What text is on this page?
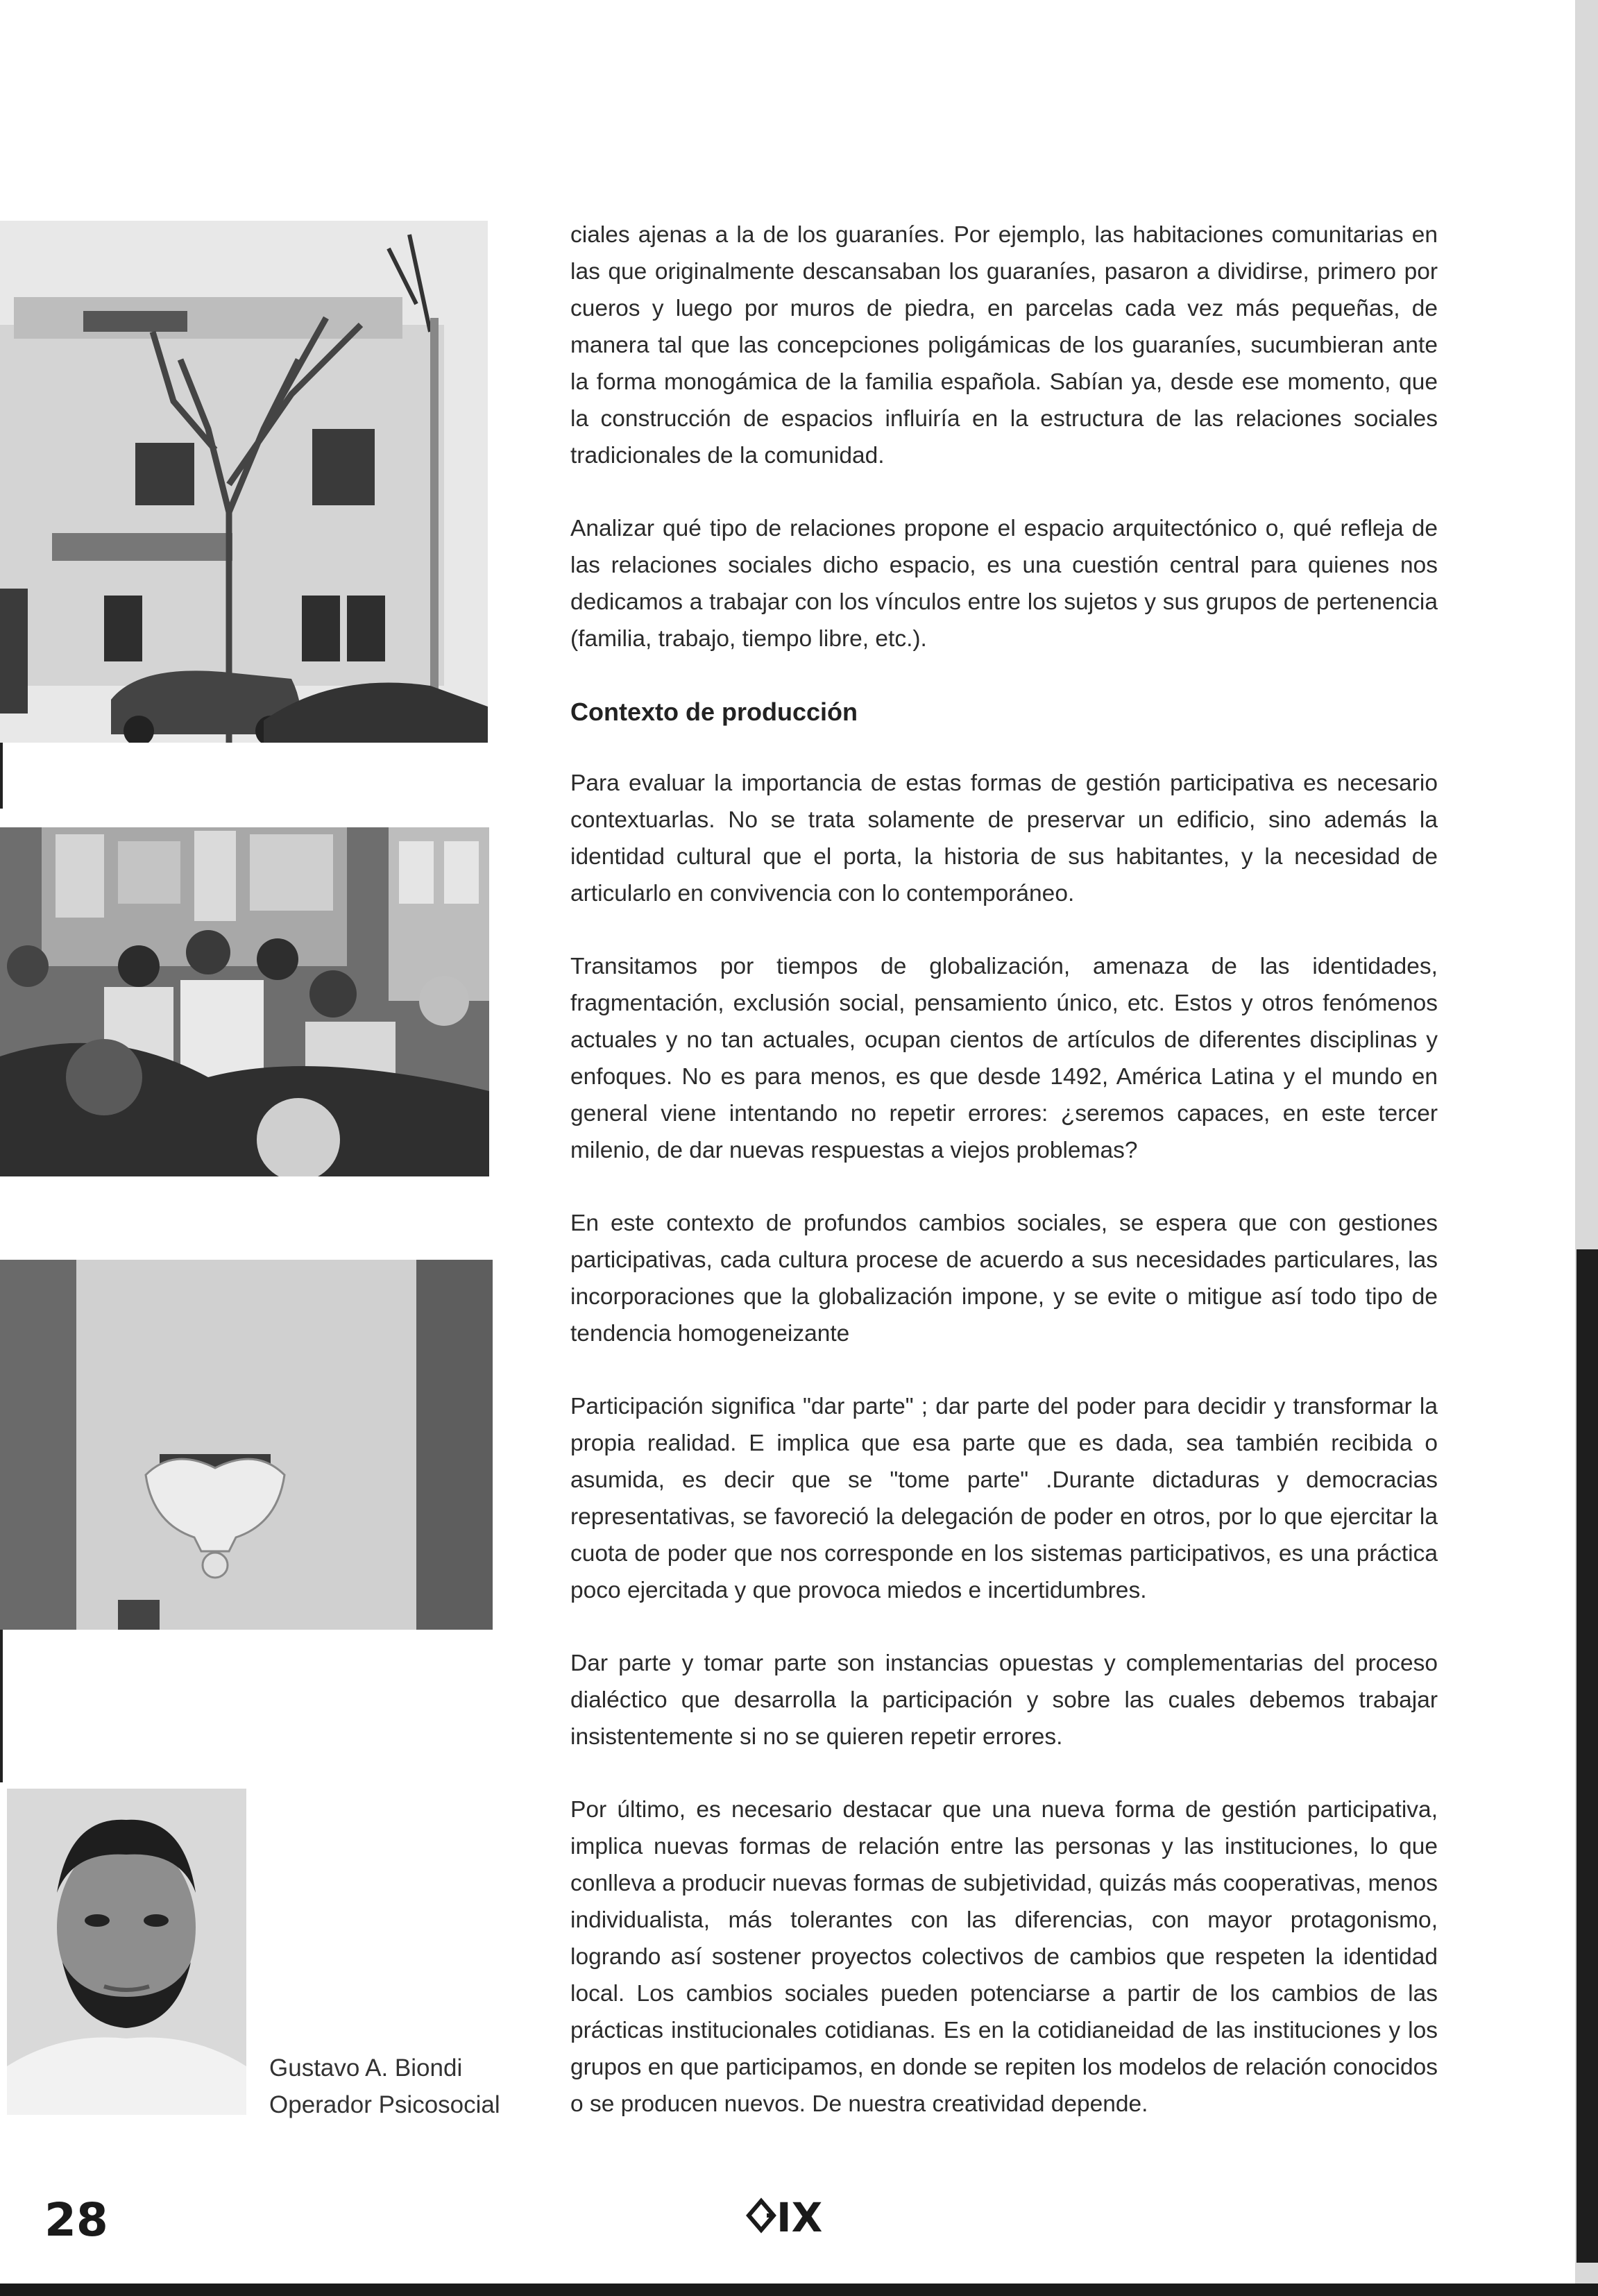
Gustavo A. Biondi
Operador Psicosocial

ciales ajenas a la de los guaraníes. Por ejemplo, las habitaciones comunitarias en las que originalmente descansaban los guaraníes, pasaron a dividirse, primero por cueros y luego por muros de piedra, en parcelas cada vez más pequeñas, de manera tal que las concepciones poligámicas de los guaraníes, sucumbieran ante la forma monogámica de la familia española. Sabían ya, desde ese momento, que la construcción de espacios influiría en la estructura de las relaciones sociales tradicionales de la comunidad.

Analizar qué tipo de relaciones propone el espacio arquitectónico o, qué refleja de las relaciones sociales dicho espacio, es una cuestión central para quienes nos dedicamos a trabajar con los vínculos entre los sujetos y sus grupos de pertenencia (familia, trabajo, tiempo libre, etc.).

Contexto de producción

Para evaluar la importancia de estas formas de gestión participativa es necesario contextuarlas. No se trata solamente de preservar un edificio, sino además la identidad cultural que el porta, la historia de sus habitantes, y la necesidad de articularlo en convivencia con lo contemporáneo.

Transitamos por tiempos de globalización, amenaza de las identidades, fragmentación, exclusión social, pensamiento único, etc. Estos y otros fenómenos actuales y no tan actuales, ocupan cientos de artículos de diferentes disciplinas y enfoques. No es para menos, es que desde 1492, América Latina y el mundo en general viene intentando no repetir errores: ¿seremos capaces, en este tercer milenio, de dar nuevas respuestas a viejos problemas?

En este contexto de profundos cambios sociales, se espera que con gestiones participativas, cada cultura procese de acuerdo a sus necesidades particulares, las incorporaciones que la globalización impone, y se evite o mitigue así todo tipo de tendencia homogeneizante

Participación significa "dar parte" ; dar parte del poder para decidir y transformar la propia realidad. E implica que esa parte que es dada, sea también recibida o asumida, es decir que se "tome parte" .Durante dictaduras y democracias representativas, se favoreció la delegación de poder en otros, por lo que ejercitar la cuota de poder que nos corresponde en los sistemas participativos, es una práctica poco ejercitada y que provoca miedos e incertidumbres.

Dar parte y tomar parte son instancias opuestas y complementarias del proceso dialéctico que desarrolla la participación y sobre las cuales debemos trabajar insistentemente si no se quieren repetir errores.

Por último, es necesario destacar que una nueva forma de gestión participativa, implica nuevas formas de relación entre las personas y las instituciones, lo que conlleva a producir nuevas formas de subjetividad, quizás más cooperativas, menos individualista, más tolerantes con las diferencias, con mayor protagonismo, logrando así sostener proyectos colectivos de cambios que respeten la identidad local. Los cambios sociales pueden potenciarse a partir de los cambios de las prácticas institucionales cotidianas. Es en la cotidianeidad de las instituciones y los grupos en que participamos, en donde se repiten los modelos de relación conocidos o se producen nuevos. De nuestra creatividad depende.

28	IX
